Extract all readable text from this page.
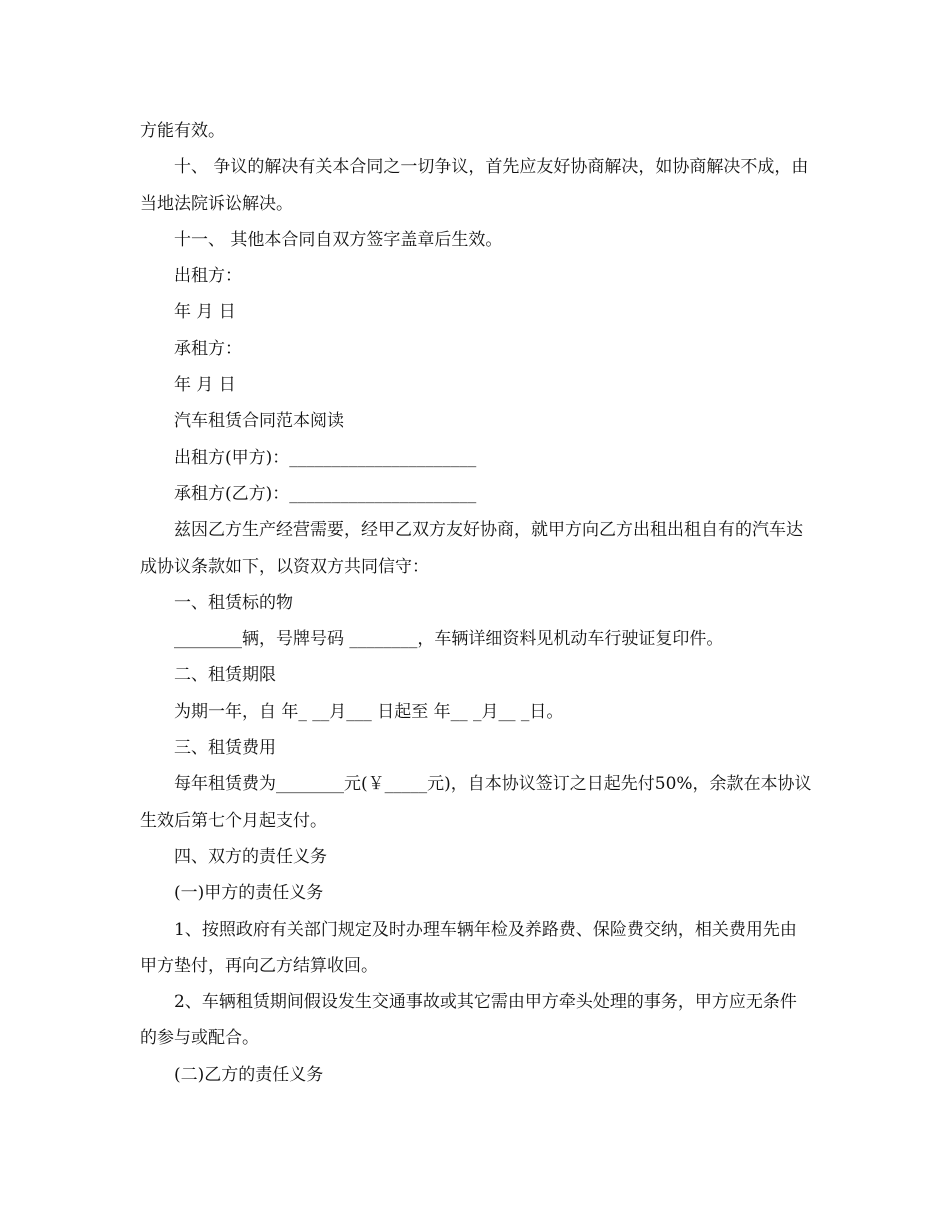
方能有效。

十、 争议的解决有关本合同之一切争议，首先应友好协商解决，如协商解决不成，由当地法院诉讼解决。

十一、 其他本合同自双方签字盖章后生效。

出租方：

年 月 日

承租方：

年 月 日

汽车租赁合同范本阅读

出租方(甲方)：______________________

承租方(乙方)：______________________

兹因乙方生产经营需要，经甲乙双方友好协商，就甲方向乙方出租出租自有的汽车达成协议条款如下，以资双方共同信守：

一、租赁标的物

________辆，号牌号码 ________，车辆详细资料见机动车行驶证复印件。

二、租赁期限

为期一年，自 年_ __月___ 日起至 年__ _月__ _日。

三、租赁费用

每年租赁费为________元(￥_____元)，自本协议签订之日起先付50%，余款在本协议生效后第七个月起支付。

四、双方的责任义务

(一)甲方的责任义务

1、按照政府有关部门规定及时办理车辆年检及养路费、保险费交纳，相关费用先由甲方垫付，再向乙方结算收回。

2、车辆租赁期间假设发生交通事故或其它需由甲方牵头处理的事务，甲方应无条件的参与或配合。

(二)乙方的责任义务
